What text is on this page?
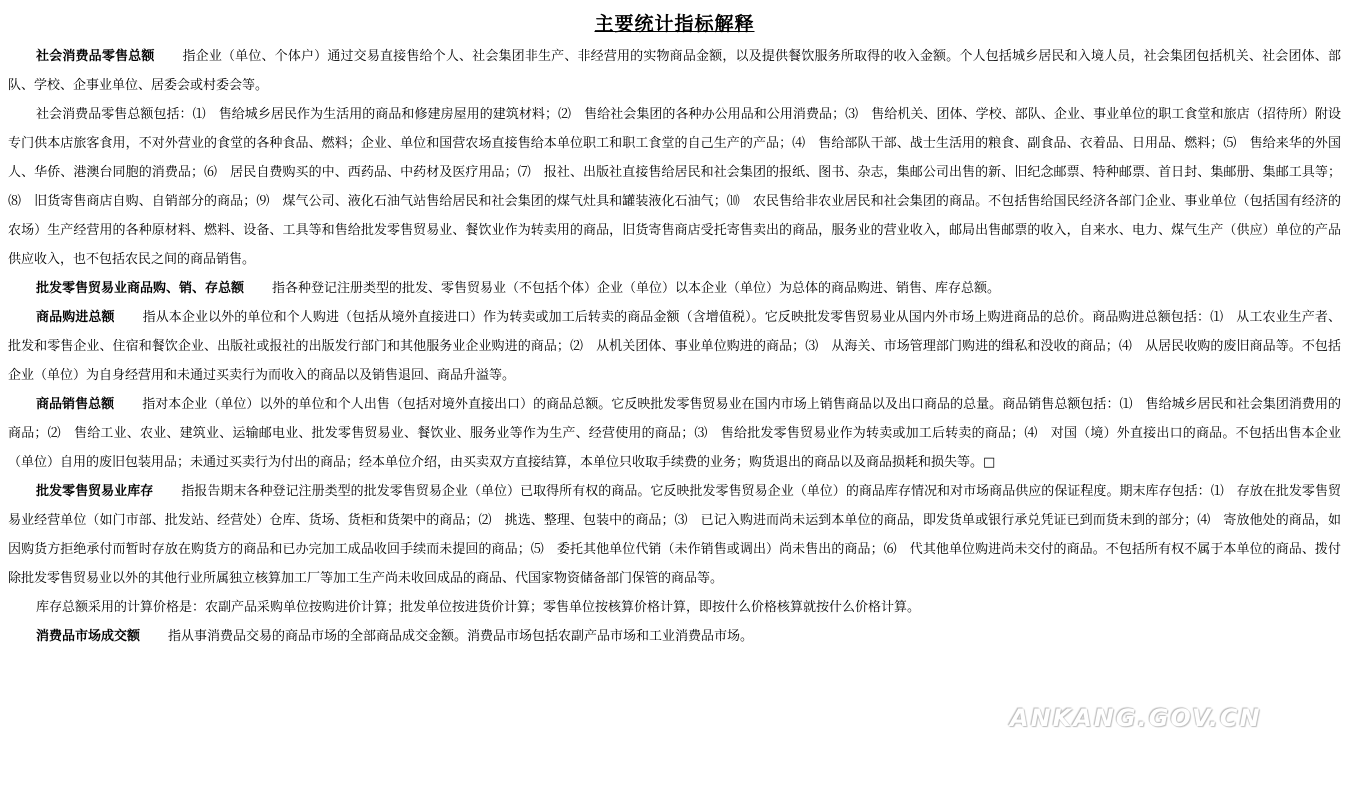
主要统计指标解释

社会消费品零售总额 指企业（单位、个体户）通过交易直接售给个人、社会集团非生产、非经营用的实物商品金额，以及提供餐饮服务所取得的收入金额。个人包括城乡居民和入境人员，社会集团包括机关、社会团体、部队、学校、企事业单位、居委会或村委会等。

社会消费品零售总额包括：⑴　售给城乡居民作为生活用的商品和修建房屋用的建筑材料；⑵　售给社会集团的各种办公用品和公用消费品；⑶　售给机关、团体、学校、部队、企业、事业单位的职工食堂和旅店（招待所）附设专门供本店旅客食用，不对外营业的食堂的各种食品、燃料；企业、单位和国营农场直接售给本单位职工和职工食堂的自己生产的产品；⑷　售给部队干部、战士生活用的粮食、副食品、衣着品、日用品、燃料；⑸　售给来华的外国人、华侨、港澳台同胞的消费品；⑹　居民自费购买的中、西药品、中药材及医疗用品；⑺　报社、出版社直接售给居民和社会集团的报纸、图书、杂志，集邮公司出售的新、旧纪念邮票、特种邮票、首日封、集邮册、集邮工具等；⑻　旧货寄售商店自购、自销部分的商品；⑼　煤气公司、液化石油气站售给居民和社会集团的煤气灶具和罐装液化石油气；⑽　农民售给非农业居民和社会集团的商品。不包括售给国民经济各部门企业、事业单位（包括国有经济的农场）生产经营用的各种原材料、燃料、设备、工具等和售给批发零售贸易业、餐饮业作为转卖用的商品，旧货寄售商店受托寄售卖出的商品，服务业的营业收入，邮局出售邮票的收入，自来水、电力、煤气生产（供应）单位的产品供应收入，也不包括农民之间的商品销售。

批发零售贸易业商品购、销、存总额 指各种登记注册类型的批发、零售贸易业（不包括个体）企业（单位）以本企业（单位）为总体的商品购进、销售、库存总额。

商品购进总额 指从本企业以外的单位和个人购进（包括从境外直接进口）作为转卖或加工后转卖的商品金额（含增值税）。它反映批发零售贸易业从国内外市场上购进商品的总价。商品购进总额包括：⑴　从工农业生产者、批发和零售企业、住宿和餐饮企业、出版社或报社的出版发行部门和其他服务业企业购进的商品；⑵　从机关团体、事业单位购进的商品；⑶　从海关、市场管理部门购进的缉私和没收的商品；⑷　从居民收购的废旧商品等。不包括企业（单位）为自身经营用和未通过买卖行为而收入的商品以及销售退回、商品升溢等。

商品销售总额 指对本企业（单位）以外的单位和个人出售（包括对境外直接出口）的商品总额。它反映批发零售贸易业在国内市场上销售商品以及出口商品的总量。商品销售总额包括：⑴　售给城乡居民和社会集团消费用的商品；⑵　售给工业、农业、建筑业、运输邮电业、批发零售贸易业、餐饮业、服务业等作为生产、经营使用的商品；⑶　售给批发零售贸易业作为转卖或加工后转卖的商品；⑷　对国（境）外直接出口的商品。不包括出售本企业（单位）自用的废旧包装用品；未通过买卖行为付出的商品；经本单位介绍，由买卖双方直接结算，本单位只收取手续费的业务；购货退出的商品以及商品损耗和损失等。□

批发零售贸易业库存 指报告期末各种登记注册类型的批发零售贸易企业（单位）已取得所有权的商品。它反映批发零售贸易企业（单位）的商品库存情况和对市场商品供应的保证程度。期末库存包括：⑴　存放在批发零售贸易业经营单位（如门市部、批发站、经营处）仓库、货场、货柜和货架中的商品；⑵　挑选、整理、包装中的商品；⑶　已记入购进而尚未运到本单位的商品，即发货单或银行承兑凭证已到而货未到的部分；⑷　寄放他处的商品，如因购货方拒绝承付而暂时存放在购货方的商品和已办完加工成品收回手续而未提回的商品；⑸　委托其他单位代销（未作销售或调出）尚未售出的商品；⑹　代其他单位购进尚未交付的商品。不包括所有权不属于本单位的商品、拨付除批发零售贸易业以外的其他行业所属独立核算加工厂等加工生产尚未收回成品的商品、代国家物资储备部门保管的商品等。

库存总额采用的计算价格是：农副产品采购单位按购进价计算；批发单位按进货价计算；零售单位按核算价格计算，即按什么价格核算就按什么价格计算。

消费品市场成交额 指从事消费品交易的商品市场的全部商品成交金额。消费品市场包括农副产品市场和工业消费品市场。

ANKANG.GOV.CN
